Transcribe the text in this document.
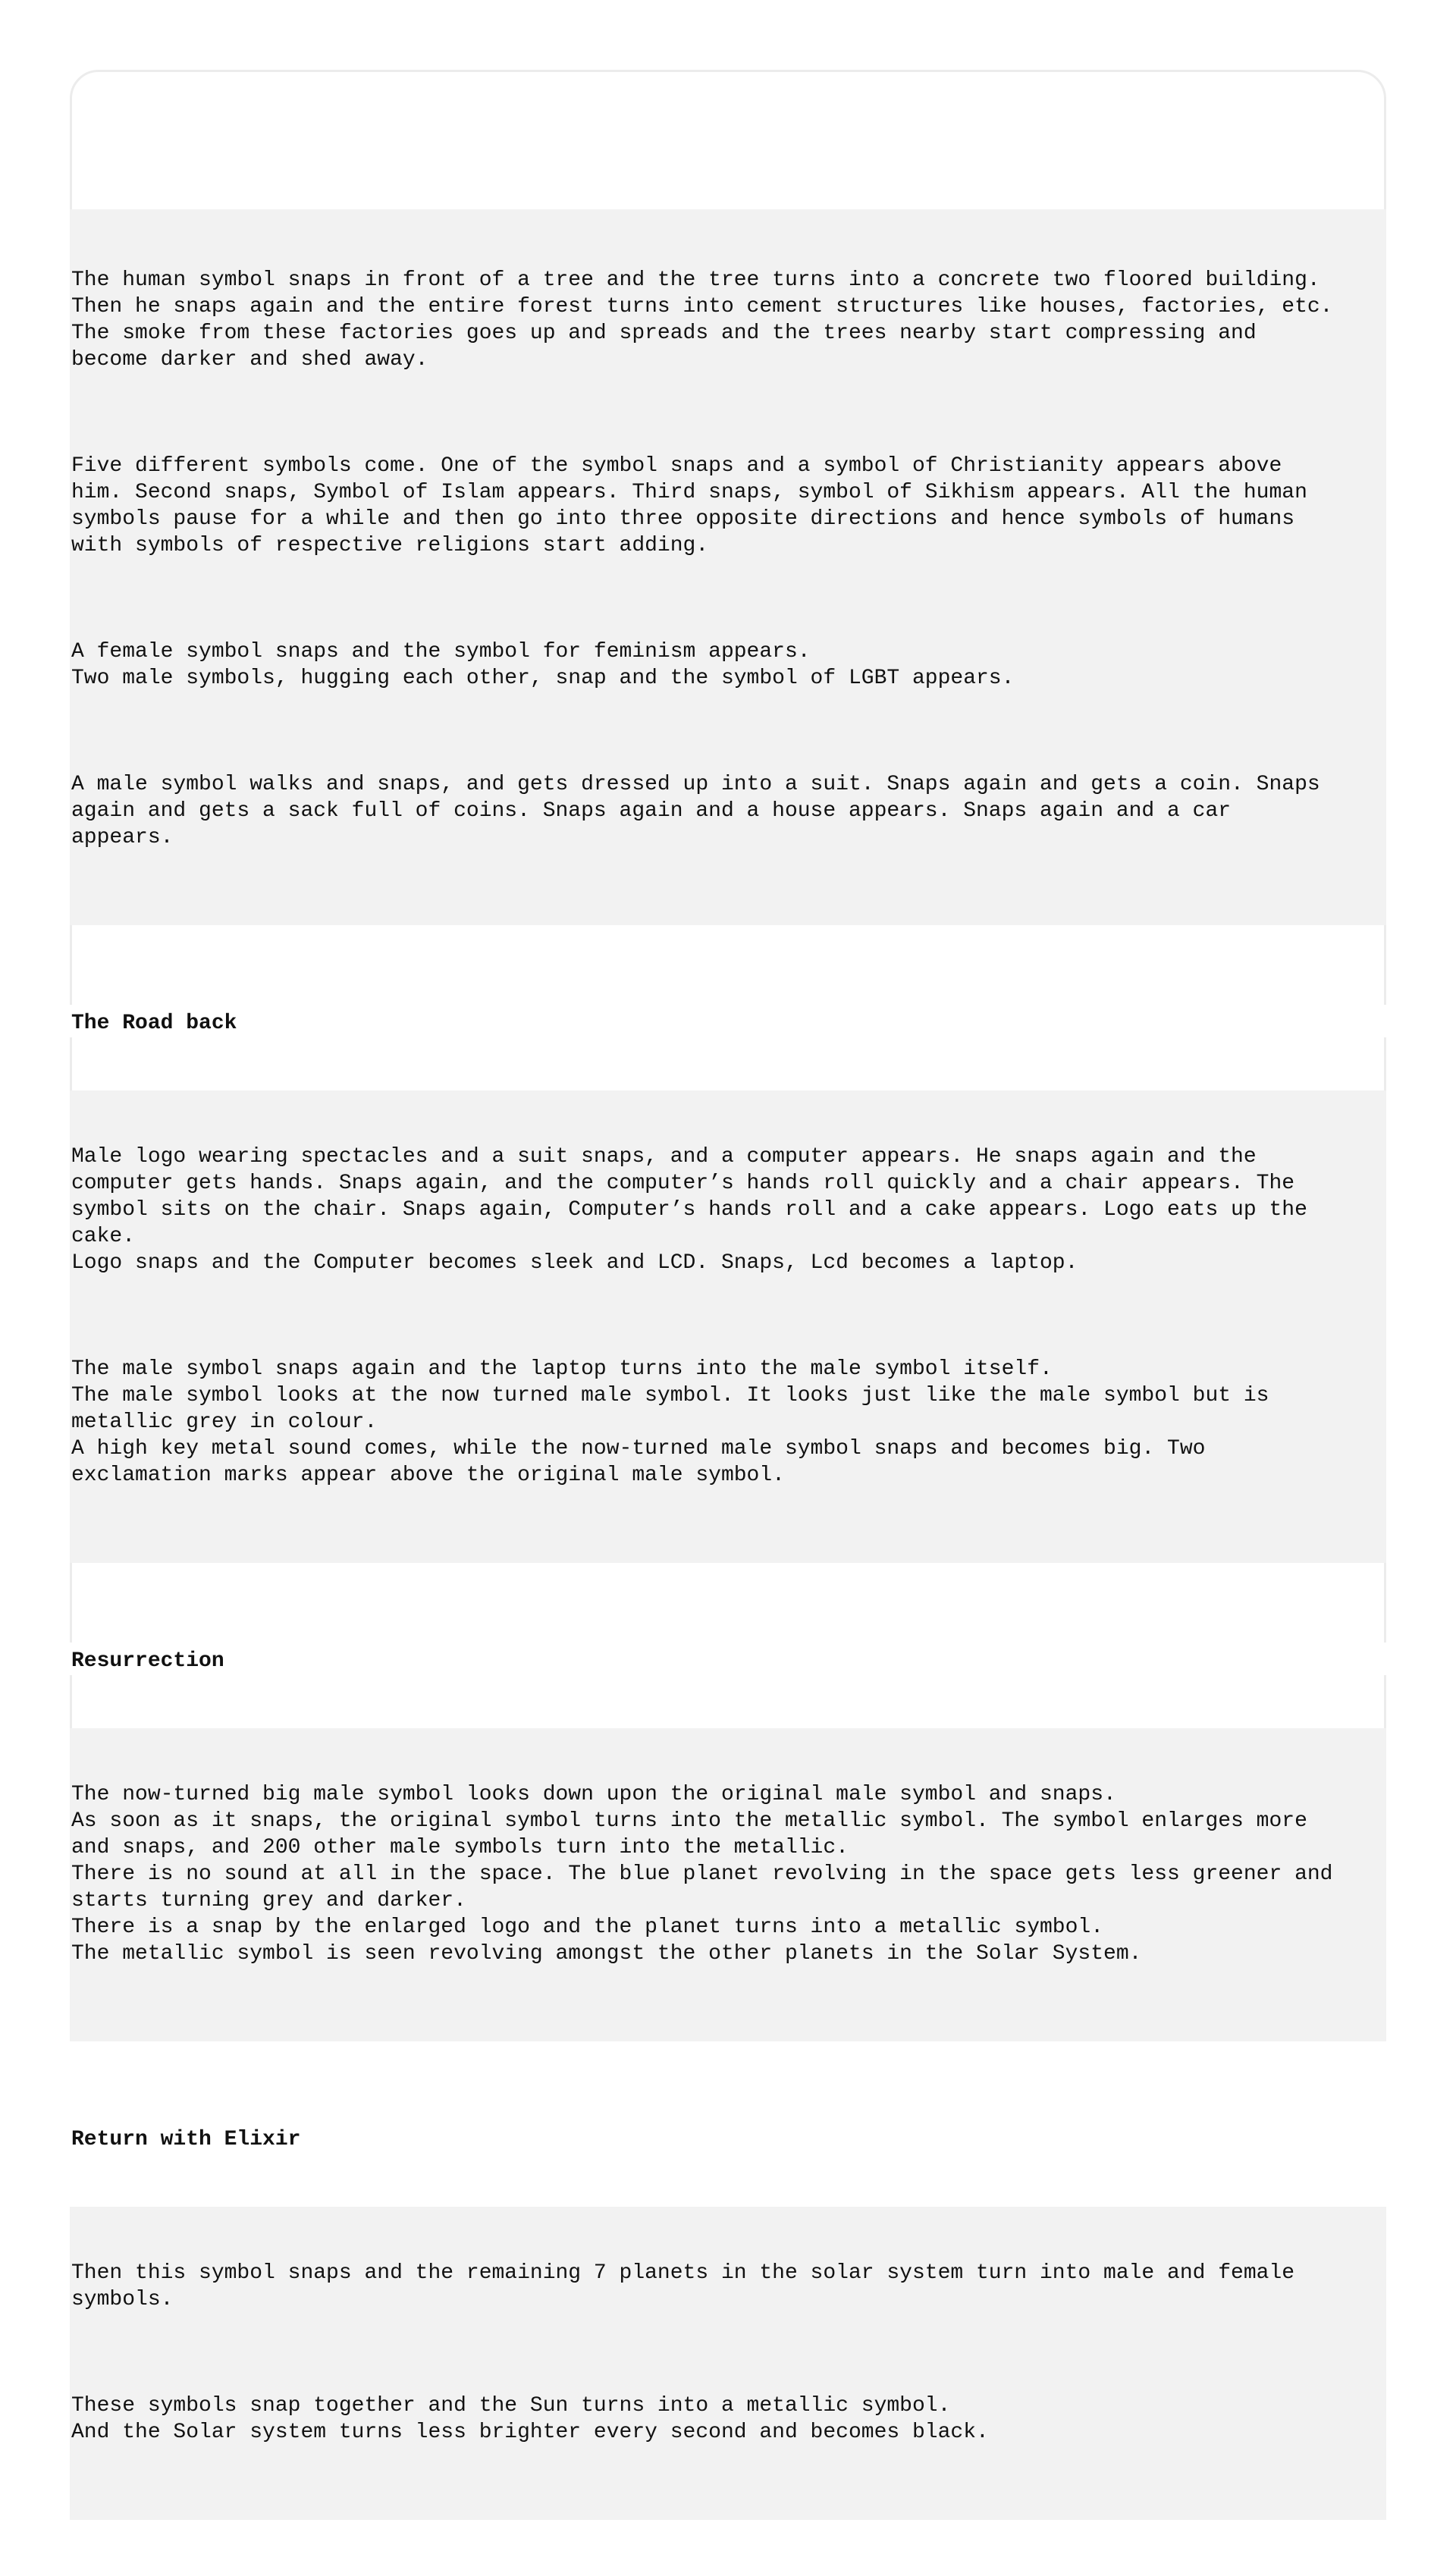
The human symbol snaps in front of a tree and the tree turns into a concrete two floored building.
Then he snaps again and the entire forest turns into cement structures like houses, factories, etc.
The smoke from these factories goes up and spreads and the trees nearby start compressing and
become darker and shed away.

Five different symbols come. One of the symbol snaps and a symbol of Christianity appears above
him. Second snaps, Symbol of Islam appears. Third snaps, symbol of Sikhism appears. All the human
symbols pause for a while and then go into three opposite directions and hence symbols of humans
with symbols of respective religions start adding.

A female symbol snaps and the symbol for feminism appears.
Two male symbols, hugging each other, snap and the symbol of LGBT appears.

A male symbol walks and snaps, and gets dressed up into a suit. Snaps again and gets a coin. Snaps
again and gets a sack full of coins. Snaps again and a house appears. Snaps again and a car
appears.

The Road back

Male logo wearing spectacles and a suit snaps, and a computer appears. He snaps again and the
computer gets hands. Snaps again, and the computer’s hands roll quickly and a chair appears. The
symbol sits on the chair. Snaps again, Computer’s hands roll and a cake appears. Logo eats up the
cake.
Logo snaps and the Computer becomes sleek and LCD. Snaps, Lcd becomes a laptop.

The male symbol snaps again and the laptop turns into the male symbol itself.
The male symbol looks at the now turned male symbol. It looks just like the male symbol but is
metallic grey in colour.
A high key metal sound comes, while the now-turned male symbol snaps and becomes big. Two
exclamation marks appear above the original male symbol.

Resurrection

The now-turned big male symbol looks down upon the original male symbol and snaps.
As soon as it snaps, the original symbol turns into the metallic symbol. The symbol enlarges more
and snaps, and 200 other male symbols turn into the metallic.
There is no sound at all in the space. The blue planet revolving in the space gets less greener and
starts turning grey and darker.
There is a snap by the enlarged logo and the planet turns into a metallic symbol.
The metallic symbol is seen revolving amongst the other planets in the Solar System.

Return with Elixir

Then this symbol snaps and the remaining 7 planets in the solar system turn into male and female
symbols.

These symbols snap together and the Sun turns into a metallic symbol.
And the Solar system turns less brighter every second and becomes black.
